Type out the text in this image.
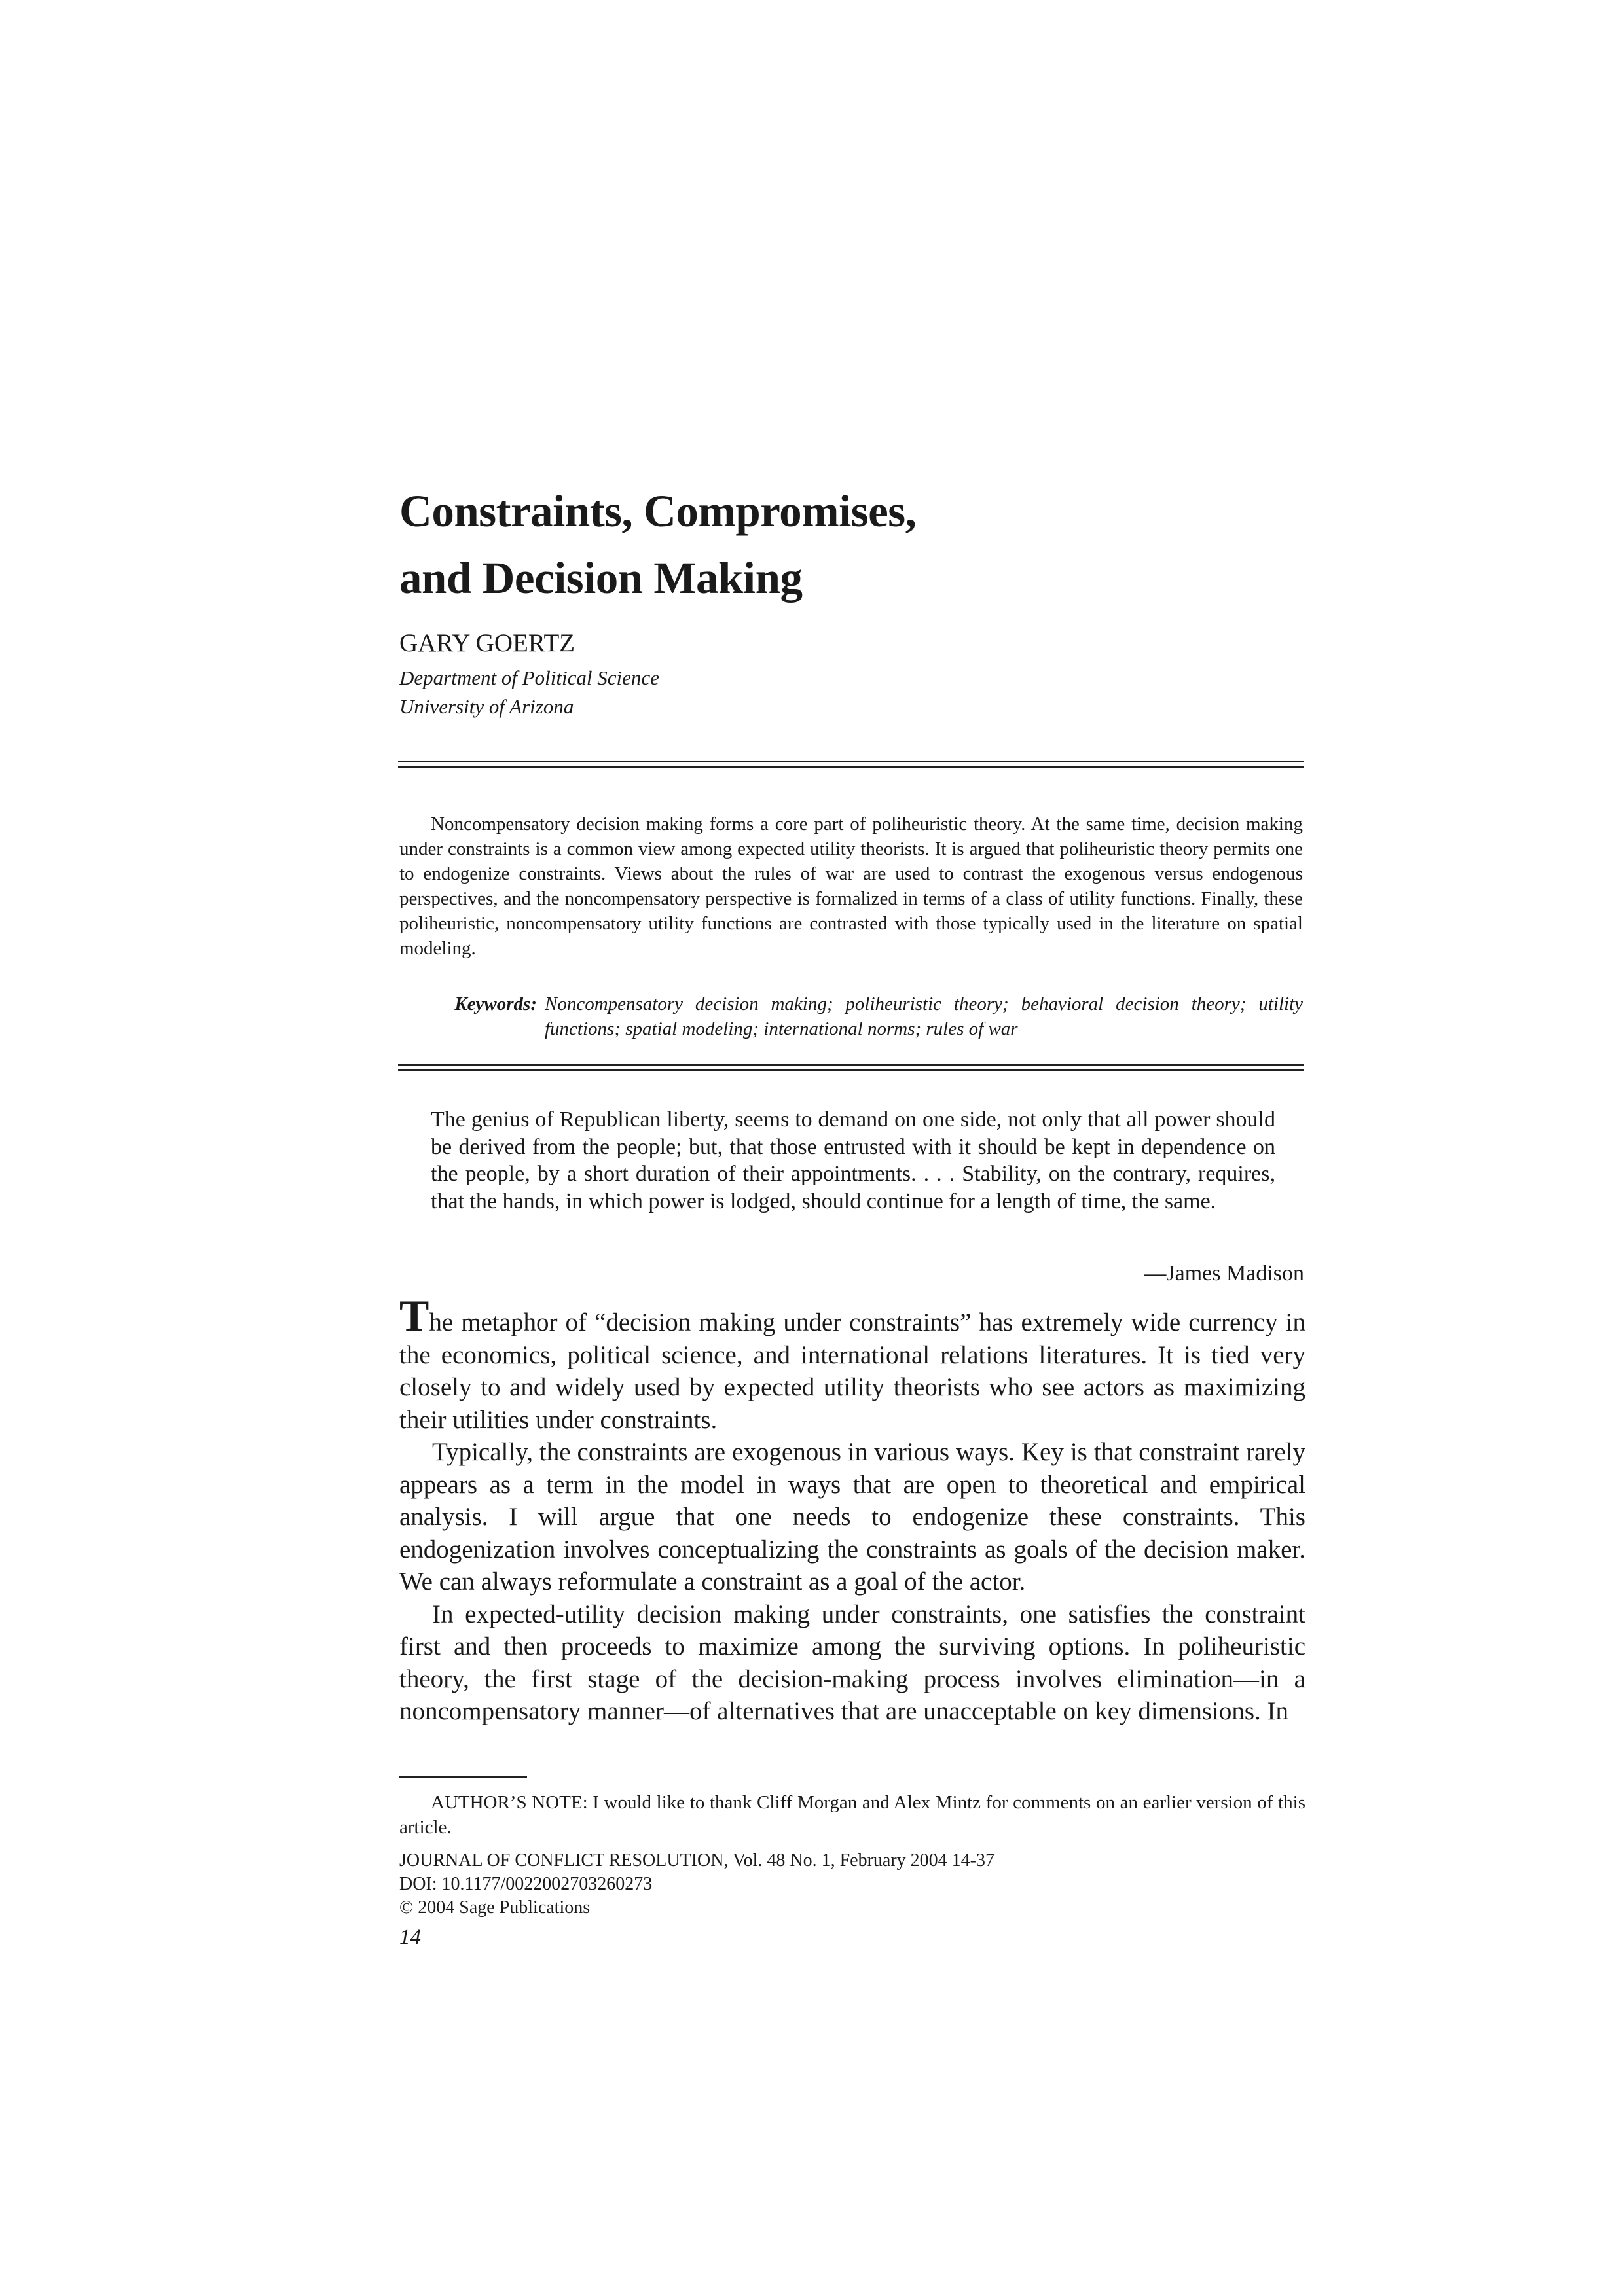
Constraints, Compromises,
and Decision Making
GARY GOERTZ
Department of Political Science
University of Arizona

Noncompensatory decision making forms a core part of poliheuristic theory. At the same time, decision making under constraints is a common view among expected utility theorists. It is argued that poliheuristic theory permits one to endogenize constraints. Views about the rules of war are used to contrast the exogenous versus endogenous perspectives, and the noncompensatory perspective is formalized in terms of a class of utility functions. Finally, these poliheuristic, noncompensatory utility functions are contrasted with those typically used in the literature on spatial modeling.

Keywords: Noncompensatory decision making; poliheuristic theory; behavioral decision theory; utility functions; spatial modeling; international norms; rules of war

The genius of Republican liberty, seems to demand on one side, not only that all power should be derived from the people; but, that those entrusted with it should be kept in dependence on the people, by a short duration of their appointments. . . . Stability, on the contrary, requires, that the hands, in which power is lodged, should continue for a length of time, the same.

—James Madison

The metaphor of “decision making under constraints” has extremely wide currency in the economics, political science, and international relations literatures. It is tied very closely to and widely used by expected utility theorists who see actors as maximizing their utilities under constraints.

Typically, the constraints are exogenous in various ways. Key is that constraint rarely appears as a term in the model in ways that are open to theoretical and empirical analysis. I will argue that one needs to endogenize these constraints. This endogenization involves conceptualizing the constraints as goals of the decision maker. We can always reformulate a constraint as a goal of the actor.

In expected-utility decision making under constraints, one satisfies the constraint first and then proceeds to maximize among the surviving options. In poliheuristic theory, the first stage of the decision-making process involves elimination—in a noncompensatory manner—of alternatives that are unacceptable on key dimensions. In

AUTHOR’S NOTE: I would like to thank Cliff Morgan and Alex Mintz for comments on an earlier version of this article.

JOURNAL OF CONFLICT RESOLUTION, Vol. 48 No. 1, February 2004 14-37
DOI: 10.1177/0022002703260273
© 2004 Sage Publications
14
